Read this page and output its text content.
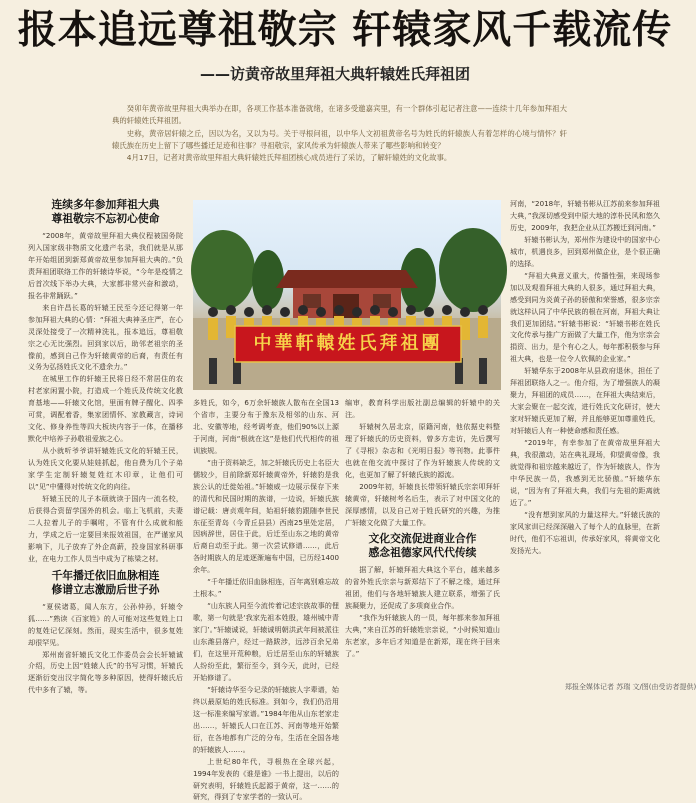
报本追远尊祖敬宗 轩辕家风千载流传
——访黄帝故里拜祖大典轩辕姓氏拜祖团

癸卯年黄帝故里拜祖大典举办在即，各项工作基本准备就绪，在诸多受邀嘉宾里，有一个群体引起记者注意——连续十几年参加拜祖大典的轩辕姓氏拜祖团。

史称，黄帝居轩辕之丘，因以为名，又以为号。关于寻根问祖，以中华人文初祖黄帝名号为姓氏的轩辕族人有着怎样的心境与情怀？轩辕氏族在历史上留下了哪些播迁足迹和往事？寻祖敬宗，家风传承为轩辕族人带来了哪些影响和转变？

4月17日，记者对黄帝故里拜祖大典轩辕姓氏拜祖团核心成员进行了采访，了解轩辕姓的文化故事。

连续多年参加拜祖大典
尊祖敬宗不忘初心使命

“2008年，黄帝故里拜祖大典仪程被国务院列入国家级非物质文化遗产名录，我们就是从那年开始组团到新郑黄帝故里参加拜祖大典的。”负责拜祖团联络工作的轩辕诗华说，“今年是疫情之后首次线下举办大典，大家都非常兴奋和激动，报名非常踊跃。”

来自许昌长葛的轩辕王民至今还记得第一年参加拜祖大典的心情：“拜祖大典神圣庄严，在心灵深处接受了一次精神洗礼，报本追远，尊祖敬宗之心无比强烈。回到家以后，助邻老祖宗的圣像前，感到自己作为轩辕黄帝的后裔，有责任有义务为弘扬姓氏文化不遗余力。”

在城里工作的轩辕王民将日经不常居住的农村老家闲置小院，打造成一个姓氏及传统文化教育基地——轩辕文化馆，里面有牌子醒化、四季可赏，调配着香，集家团情怀、家教藏言，诗词文化、修身养性等四大板块内容于一体，在播移默化中培养子孙敬祖爱族之心。

从小就听爷爷讲轩辕姓氏文化的轩辕王民，认为姓氏文化要从娃娃抓起，他自费为几个子弟家学生定制轩辕复姓红木印章，让他们可以“见”中懂得对传统文化的向往。

轩辕玉民的儿子本硕就读于国内一流名校，后获得合资留学国外的机会。临上飞机前，夫妻二人拉着儿子的手嘱咐，不管有什么成就和能力，学成之后一定要回来报效祖国，在严谨家风影响下，儿子放弃了外企高薪，投身国家科研事业，在电力工作人员当中成为了栋梁之材。

千年播迁依旧血脉相连
修谱立志激励后世子孙

“夏侯诸葛，闻人东方，公孙仲孙，轩辕令狐……”熟读《百家姓》的人可能对这些复姓上口的复姓记忆深刻。然而，现实生活中，很多复姓却很罕见。

郑州南省轩辕氏文化工作委员会会长轩辕诚介绍，历史上因“姓辕人氏”的书写习惯，轩辕氏逐渐衍变出汉字简化等多种原因，使得轩辕氏后代中多有了辕，等。

中華軒轅姓氏拜祖團

多姓氏，如今，6万余轩辕族人散布在全国13个省市，主要分布于豫东及相邻的山东、河北、安徽等地，经考调考查，他们90%以上源于河南，河南“根就在这”是他们代代相传的祖训族规。

“由于资料缺乏，加之轩辕氏历史上名臣大儒较少，目前除新郑轩辕黄帝外，轩辕豹是我族公认的迁徙始祖。”轩辕威一边展示保存下来的清代和民国时期的族谱，一边说，轩辕氏族谱记载：唐贞观年间，始祖轩辕豹跟随李世民东征至青岛（今青丘县县）西南25里处定居，因病辞世，居住于此，后迁至山东之地的黄帝后裔自动至于此。第一次尝试修谱……，此后各时期族人的足迹逐渐遍布中国，已历经1400余年。

“千年播迁依旧血脉相连，百年离别难忘故土根本。”

“山东族人同至今流传着记述宗族故事的俚歌，第一句就是‘我家先祖本姓殷，雄州城中青家门’。”轩辕诚说，轩辕诚明朝洪武年间被派往山东潍县落户，经过一路跋涉，远涉百余兄弟们，在这里开荒种粮，后迁居至山东的轩辕族人纷纷至此，繁衍至今，到今天，此时，已经开始修谱了。

“轩辕诗华至今记录的轩辕族人字辈谱，始终以最原始的姓氏标准。到如今，我们仍沿用这一标准来编写家谱。”1984年他从山东老家走出……，轩辕氏人口在江苏、河南等地开始繁衍，在各地都有广泛的分布，生活在全国各地的轩辕族人……。

上世纪80年代，寻根热在全球兴起，1994年发表的《谁是谁》一书上提出，以后的研究表明，轩辕姓氏起源于黄帝，这一……的研究，得到了专家学者的一致认可。

编审，教育科学出版社副总编辑的轩辕中的关注。

轩辕树久居北京，原籍河南，他依据史料整理了轩辕氏的历史资料，曾多方走访，先后撰写了《寻根》杂志和《光明日报》等刊物。此事件也就在他交流中探讨了作为轩辕族人传统的文化，也更加了解了轩辕氏族的源流。

2009年初，轩辕良长带领轩辕氏宗亲叩拜轩辕黄帝，轩辕树考名后生，表示了对中国文化的深厚感情，以及自己对于姓氏研究的兴趣，为推广轩辕文化做了大量工作。

文化交流促进商业合作
感念祖德家风代代传续

据了解，轩辕拜祖大典这个平台，越来越多的省外姓氏宗亲与新郑结下了不解之缘，通过拜祖团，他们与各地轩辕族人建立联系，增强了氏族凝聚力，还促成了多项商业合作。

“我作为轩辕族人的一员，每年都来参加拜祖大典，”来自江苏的轩辕姓宗亲说，“小时候知道山东老家，多年后才知道是在新郑，现在终于回来了。”

河南，“2018年，轩辕书彬从江苏前来参加拜祖大典，”我深切感受到中原大地的淳朴民风和悠久历史，2009年，我把企业从江苏搬迁到河南。”

轩辕书彬认为，郑州作为建设中的国家中心城市，机遇良多，回到郑州做企业，是个很正确的选择。

“拜祖大典意义重大，传播性强，来现场参加以及观看拜祖大典的人很多，通过拜祖大典，感受到同为炎黄子孙的骄傲和荣誉感，很多宗亲就这样认同了中华民族的根在河南，拜祖大典让我们更加团结。”轩辕书彬说：“轩辕书彬在姓氏文化传承与推广方面做了大量工作，他为宗亲会捐资、出力，是个有心之人，每年都积极参与拜祖大典，也是一位令人钦佩的企业家。”

轩辕华东于2008年从县政府退休，担任了拜祖团联络人之一。他介绍，为了增强族人的凝聚力，拜祖团的成员……，在拜祖大典结束后，大家会聚在一起交流，进行姓氏文化研讨，使大家对轩辕氏更加了解，并且能够更加尊重姓氏，对轩辕后人有一种使命感和责任感。

“2019年，有幸参加了在黄帝故里拜祖大典，我很激动，站在典礼现场，仰望黄帝像，我就觉得和祖宗越来越近了，作为轩辕族人，作为中华民族一员，我感到无比骄傲。”轩辕华东说，“因为有了拜祖大典，我们与先祖的距离就近了。”

“没有想到家风的力量这样大。”轩辕氏族的家风家训已经深深融入了每个人的血脉里，在新时代，他们不忘祖训，传承好家风，将黄帝文化发扬光大。

郑报全媒体记者 苏瑞 文/图(由受访者提供)
